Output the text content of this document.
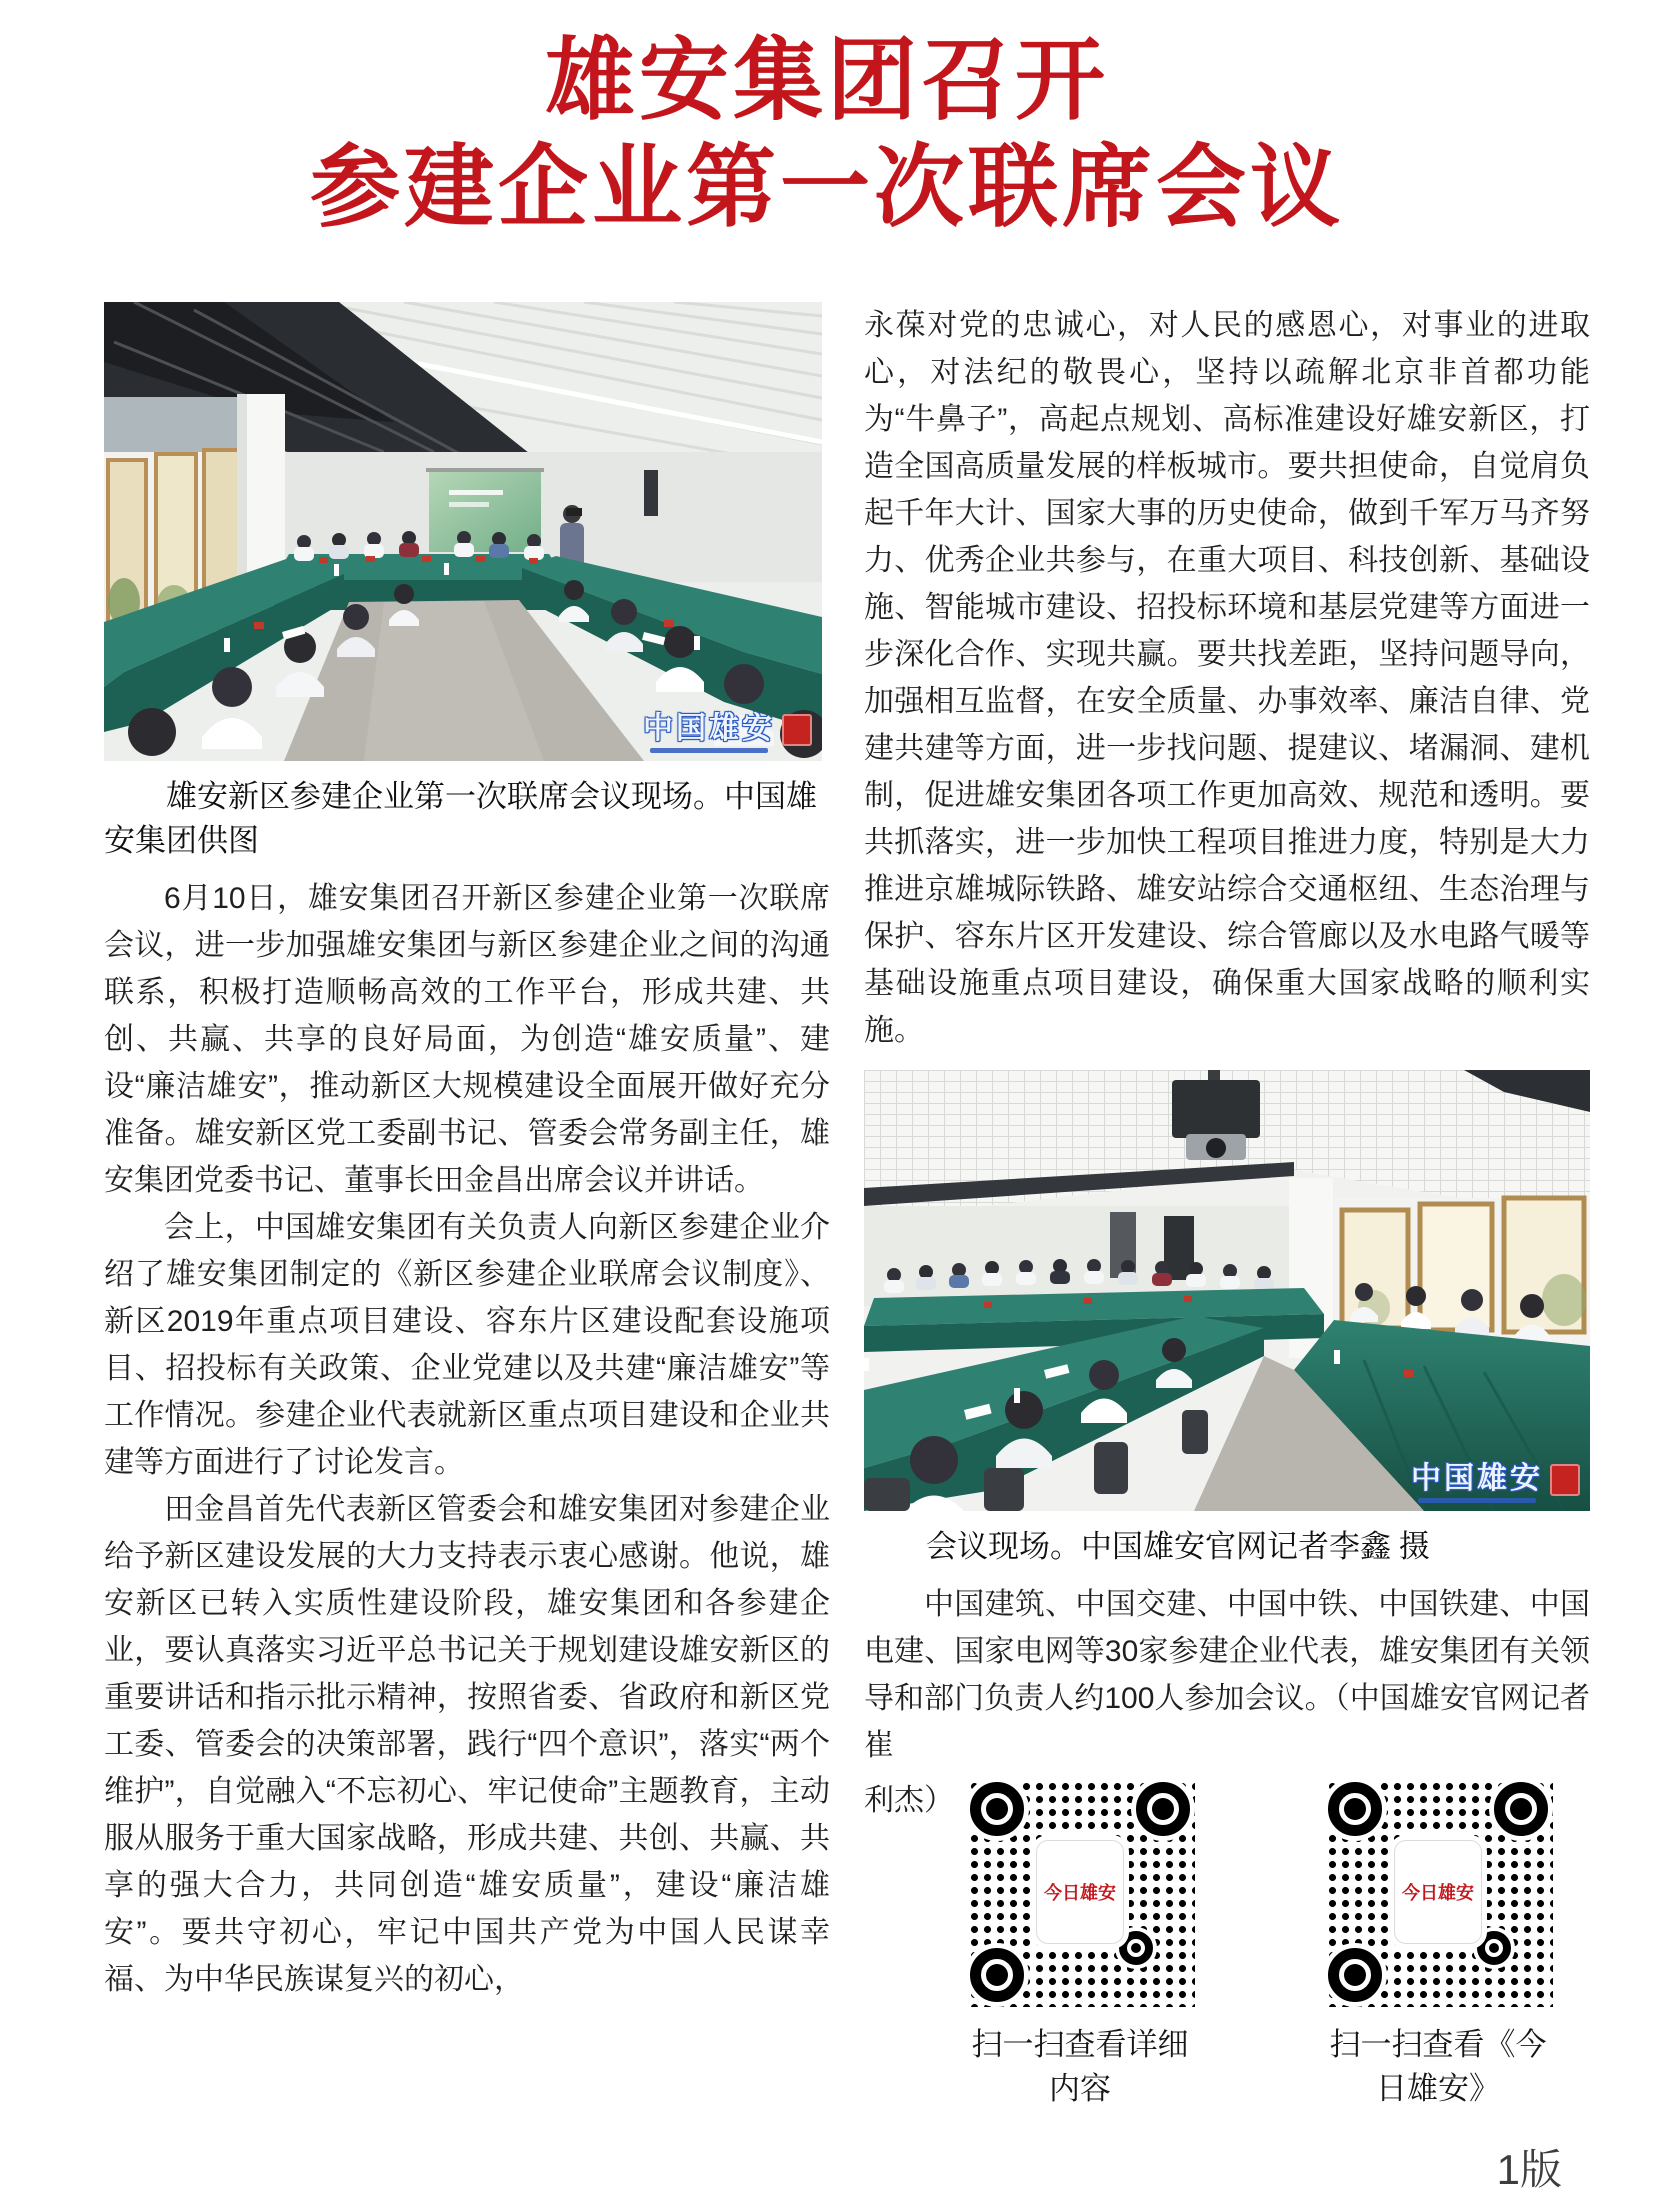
雄安集团召开
参建企业第一次联席会议
中国雄安

雄安新区参建企业第一次联席会议现场。中国雄安集团供图

6月10日，雄安集团召开新区参建企业第一次联席会议，进一步加强雄安集团与新区参建企业之间的沟通联系，积极打造顺畅高效的工作平台，形成共建、共创、共赢、共享的良好局面，为创造“雄安质量”、建设“廉洁雄安”，推动新区大规模建设全面展开做好充分准备。雄安新区党工委副书记、管委会常务副主任，雄安集团党委书记、董事长田金昌出席会议并讲话。

会上，中国雄安集团有关负责人向新区参建企业介绍了雄安集团制定的《新区参建企业联席会议制度》、新区2019年重点项目建设、容东片区建设配套设施项目、招投标有关政策、企业党建以及共建“廉洁雄安”等工作情况。参建企业代表就新区重点项目建设和企业共建等方面进行了讨论发言。

田金昌首先代表新区管委会和雄安集团对参建企业给予新区建设发展的大力支持表示衷心感谢。他说，雄安新区已转入实质性建设阶段，雄安集团和各参建企业，要认真落实习近平总书记关于规划建设雄安新区的重要讲话和指示批示精神，按照省委、省政府和新区党工委、管委会的决策部署，践行“四个意识”，落实“两个维护”，自觉融入“不忘初心、牢记使命”主题教育，主动服从服务于重大国家战略，形成共建、共创、共赢、共享的强大合力，共同创造“雄安质量”，建设“廉洁雄安”。要共守初心，牢记中国共产党为中国人民谋幸福、为中华民族谋复兴的初心，

永葆对党的忠诚心，对人民的感恩心，对事业的进取心，对法纪的敬畏心，坚持以疏解北京非首都功能为“牛鼻子”，高起点规划、高标准建设好雄安新区，打造全国高质量发展的样板城市。要共担使命，自觉肩负起千年大计、国家大事的历史使命，做到千军万马齐努力、优秀企业共参与，在重大项目、科技创新、基础设施、智能城市建设、招投标环境和基层党建等方面进一步深化合作、实现共赢。要共找差距，坚持问题导向，加强相互监督，在安全质量、办事效率、廉洁自律、党建共建等方面，进一步找问题、提建议、堵漏洞、建机制，促进雄安集团各项工作更加高效、规范和透明。要共抓落实，进一步加快工程项目推进力度，特别是大力推进京雄城际铁路、雄安站综合交通枢纽、生态治理与保护、容东片区开发建设、综合管廊以及水电路气暖等基础设施重点项目建设，确保重大国家战略的顺利实施。

中国雄安

会议现场。中国雄安官网记者李鑫 摄

中国建筑、中国交建、中国中铁、中国铁建、中国电建、国家电网等30家参建企业代表，雄安集团有关领导和部门负责人约100人参加会议。（中国雄安官网记者 崔

利杰）
今日雄安
扫一扫查看详细内容
今日雄安
扫一扫查看《今日雄安》
1版
